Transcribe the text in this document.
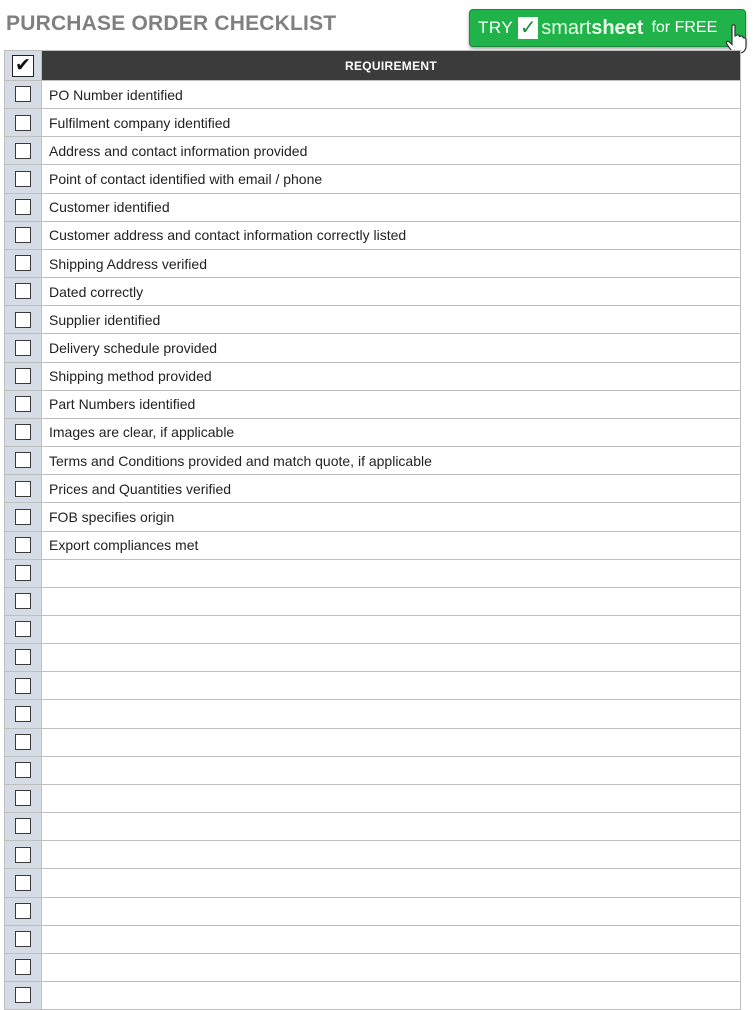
PURCHASE ORDER CHECKLIST	TRY ✓ smartsheet for FREE
✔	REQUIREMENT
	PO Number identified
	Fulfilment company identified
	Address and contact information provided
	Point of contact identified with email / phone
	Customer identified
	Customer address and contact information correctly listed
	Shipping Address verified
	Dated correctly
	Supplier identified
	Delivery schedule provided
	Shipping method provided
	Part Numbers identified
	Images are clear, if applicable
	Terms and Conditions provided and match quote, if applicable
	Prices and Quantities verified
	FOB specifies origin
	Export compliances met
